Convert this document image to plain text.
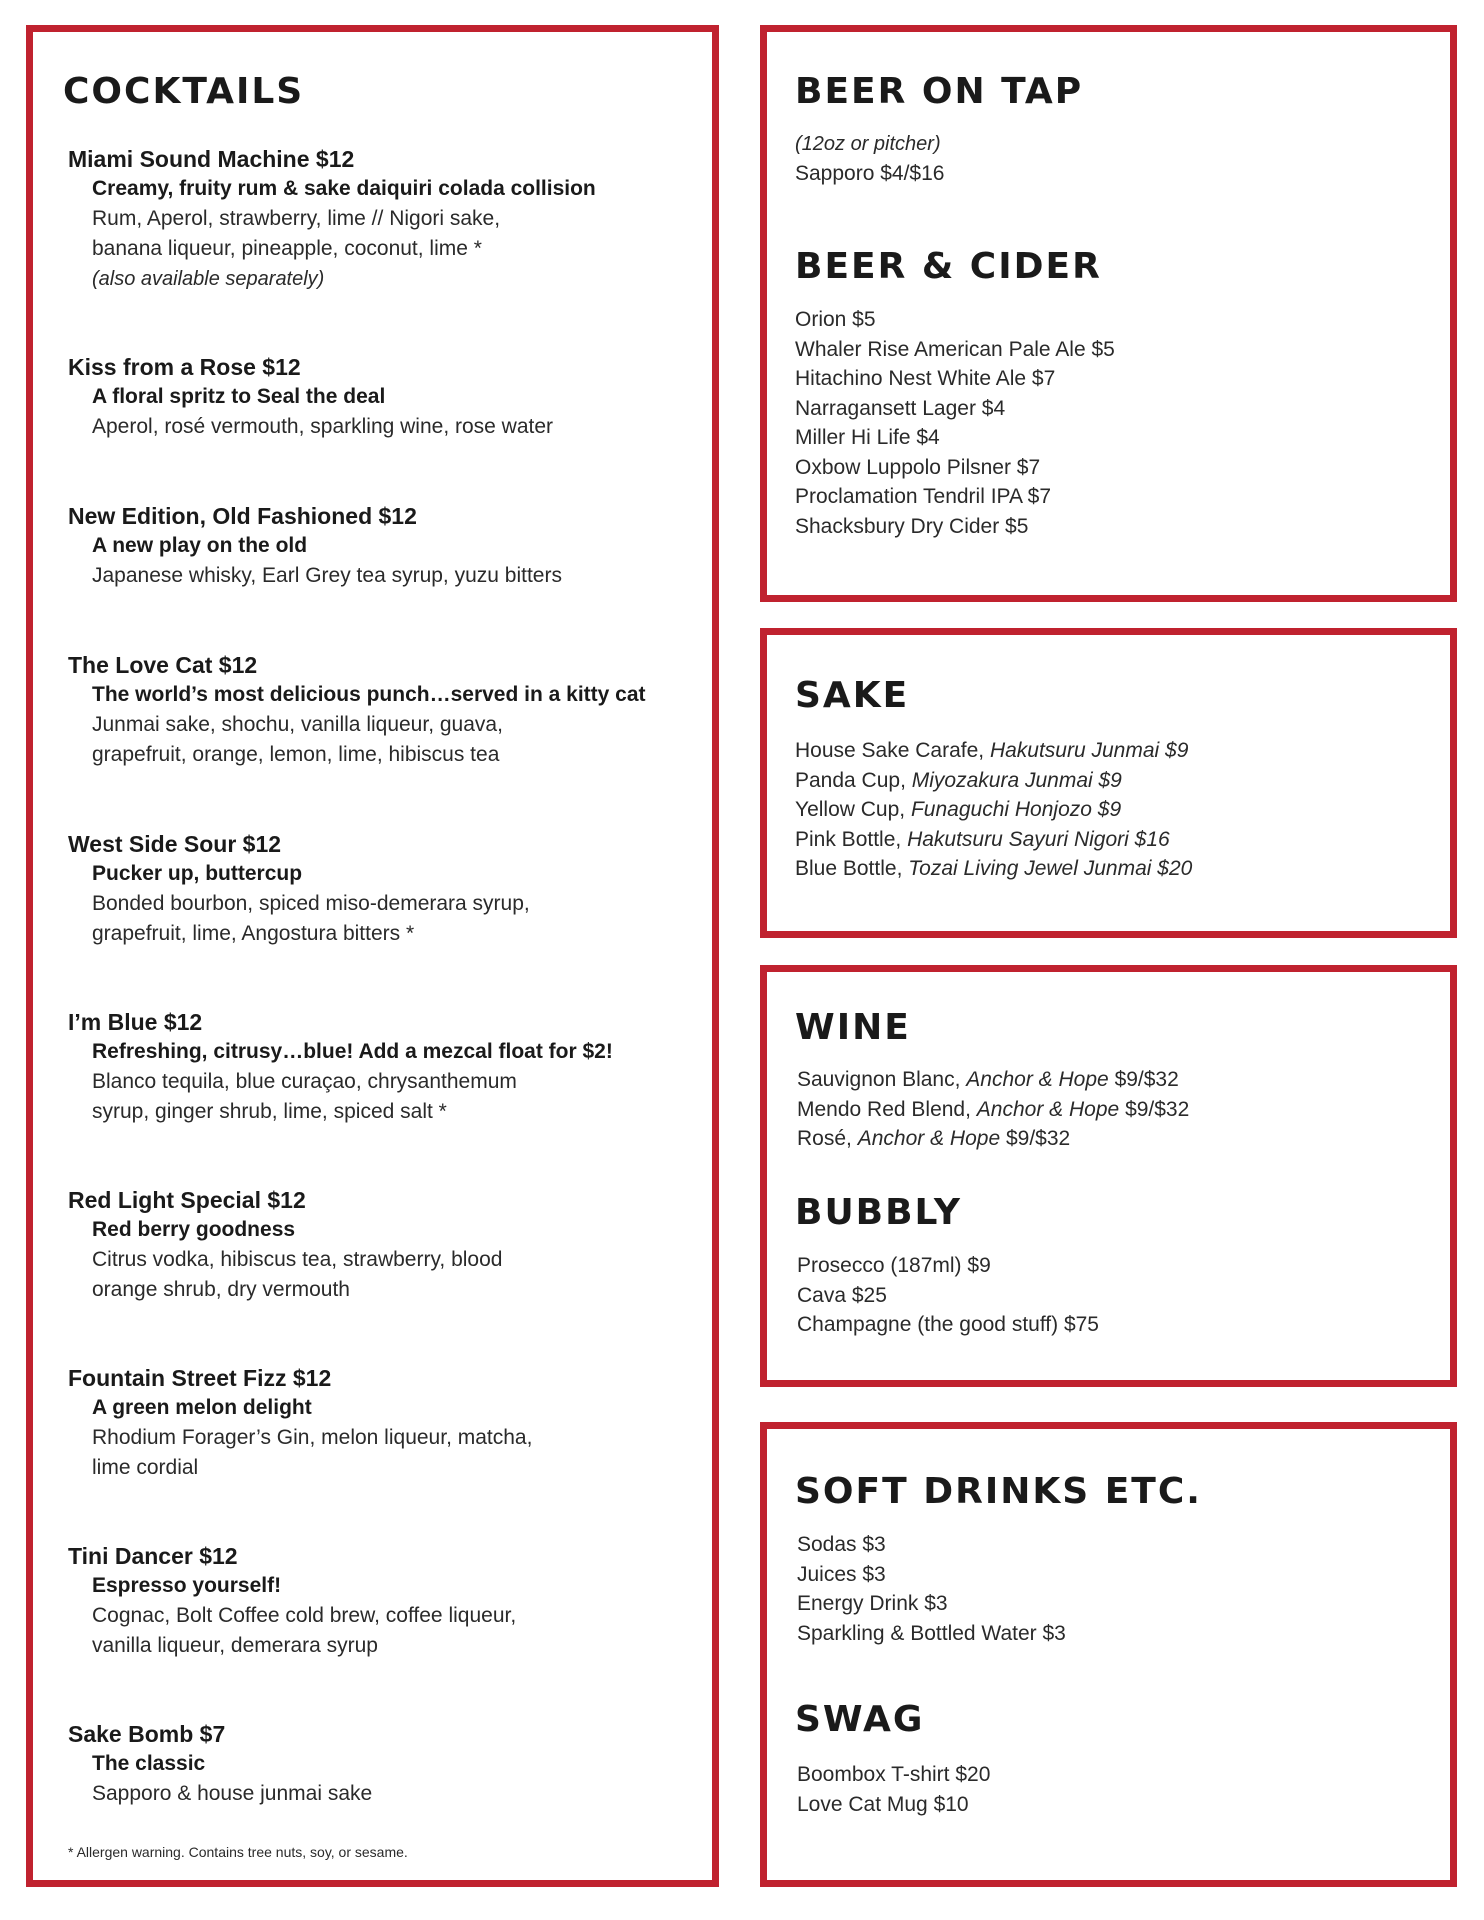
COCKTAILS
Miami Sound Machine $12
Creamy, fruity rum & sake daiquiri colada collision
Rum, Aperol, strawberry, lime // Nigori sake,
banana liqueur, pineapple, coconut, lime *
(also available separately)
Kiss from a Rose $12
A floral spritz to Seal the deal
Aperol, rosé vermouth, sparkling wine, rose water
New Edition, Old Fashioned $12
A new play on the old
Japanese whisky, Earl Grey tea syrup, yuzu bitters
The Love Cat $12
The world’s most delicious punch…served in a kitty cat
Junmai sake, shochu, vanilla liqueur, guava,
grapefruit, orange, lemon, lime, hibiscus tea
West Side Sour $12
Pucker up, buttercup
Bonded bourbon, spiced miso-demerara syrup,
grapefruit, lime, Angostura bitters *
I’m Blue $12
Refreshing, citrusy…blue! Add a mezcal float for $2!
Blanco tequila, blue curaçao, chrysanthemum
syrup, ginger shrub, lime, spiced salt *
Red Light Special $12
Red berry goodness
Citrus vodka, hibiscus tea, strawberry, blood
orange shrub, dry vermouth
Fountain Street Fizz $12
A green melon delight
Rhodium Forager’s Gin, melon liqueur, matcha,
lime cordial
Tini Dancer $12
Espresso yourself!
Cognac, Bolt Coffee cold brew, coffee liqueur,
vanilla liqueur, demerara syrup
Sake Bomb $7
The classic
Sapporo & house junmai sake
* Allergen warning. Contains tree nuts, soy, or sesame.
BEER ON TAP
(12oz or pitcher)
Sapporo $4/$16
BEER & CIDER
Orion $5
Whaler Rise American Pale Ale $5
Hitachino Nest White Ale $7
Narragansett Lager $4
Miller Hi Life $4
Oxbow Luppolo Pilsner $7
Proclamation Tendril IPA $7
Shacksbury Dry Cider $5
SAKE
House Sake Carafe, Hakutsuru Junmai $9
Panda Cup, Miyozakura Junmai $9
Yellow Cup, Funaguchi Honjozo $9
Pink Bottle, Hakutsuru Sayuri Nigori $16
Blue Bottle, Tozai Living Jewel Junmai $20
WINE
Sauvignon Blanc, Anchor & Hope $9/$32
Mendo Red Blend, Anchor & Hope $9/$32
Rosé, Anchor & Hope $9/$32
BUBBLY
Prosecco (187ml) $9
Cava $25
Champagne (the good stuff) $75
SOFT DRINKS ETC.
Sodas $3
Juices $3
Energy Drink $3
Sparkling & Bottled Water $3
SWAG
Boombox T-shirt $20
Love Cat Mug $10
